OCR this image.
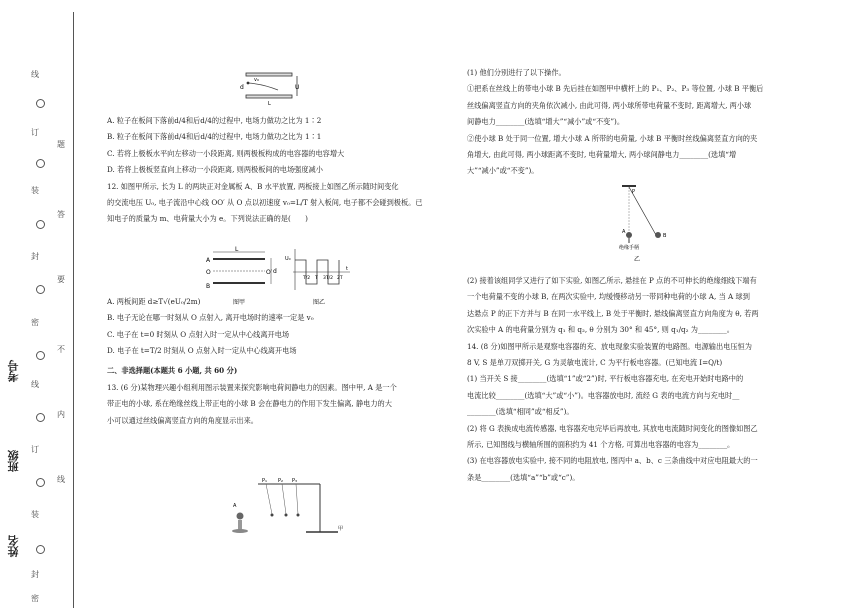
线
订
装
封
密
线
订
装
封
密
题
答
要
不
内
线
考号
班级
姓名
d	U
v₀
L

A. 粒子在板间下落前d/4和后d/4的过程中, 电场力做功之比为 1∶2

B. 粒子在板间下落前d/4和后d/4的过程中, 电场力做功之比为 1∶1

C. 若将上极板水平向左移动一小段距离, 则两极板构成的电容器的电容增大

D. 若将上极板竖直向上移动一小段距离, 则两极板间的电场强度减小

12. 如图甲所示, 长为 L 的两块正对金属板 A、B 水平放置, 两板接上如图乙所示随时间变化

的交流电压 U₀, 电子流沿中心线 OO′ 从 O 点以初速度 v₀=L/T 射入板间, 电子都不会碰到极板。已

知电子的质量为 m、电荷量大小为 e。下列说法正确的是(　　)

A. 两板间距 d≥T√(eU₀/2m)

B. 电子无论在哪一时刻从 O 点射入, 离开电场时的速率一定是 v₀

C. 电子在 t=0 时刻从 O 点射入时一定从中心线离开电场

D. 电子在 t=T/2 时刻从 O 点射入时一定从中心线离开电场

二、非选择题(本题共 6 小题, 共 60 分)

13. (6 分)某物理兴趣小组利用图示装置来探究影响电荷间静电力的因素。图中甲, A 是一个

带正电的小球, 系在绝缘丝线上带正电的小球 B 会在静电力的作用下发生偏离, 静电力的大

小可以通过丝线偏离竖直方向的角度显示出来。

L
A
B
O	O′ d
图甲
U₀
t
T/2 T 3T/2 2T
图乙
A
P₁ P₂ P₃
甲

(1) 他们分别进行了以下操作。

①把系在丝线上的带电小球 B 先后挂在如图甲中横杆上的 P₁、P₂、P₃ 等位置, 小球 B 平衡后

丝线偏离竖直方向的夹角依次减小, 由此可得, 两小球所带电荷量不变时, 距离增大, 两小球

间静电力________(选填“增大”“减小”或“不变”)。

②使小球 B 处于同一位置, 增大小球 A 所带的电荷量, 小球 B 平衡时丝线偏离竖直方向的夹

角增大, 由此可得, 两小球距离不变时, 电荷量增大, 两小球间静电力________(选填“增

大”“减小”或“不变”)。

P
A
B
绝缘手柄
乙

(2) 接着该组同学又进行了如下实验, 如图乙所示, 悬挂在 P 点的不可伸长的绝缘细线下端有

一个电荷量不变的小球 B, 在两次实验中, 均缓慢移动另一带同种电荷的小球 A, 当 A 球到

达悬点 P 的正下方并与 B 在同一水平线上, B 处于平衡时, 悬线偏离竖直方向角度为 θ, 若两

次实验中 A 的电荷量分别为 q₁ 和 q₂, θ 分别为 30° 和 45°, 则 q₁/q₂ 为________。

14. (8 分)如图甲所示是观察电容器的充、放电现象实验装置的电路图。电源输出电压恒为

8 V, S 是单刀双掷开关, G 为灵敏电流计, C 为平行板电容器。(已知电流 I=Q/t)

(1) 当开关 S 接________(选填“1”或“2”)时, 平行板电容器充电, 在充电开始时电路中的

电流比较________(选填“大”或“小”)。电容器放电时, 流经 G 表的电流方向与充电时__

________(选填“相同”或“相反”)。

(2) 将 G 表换成电流传感器, 电容器充电完毕后再放电, 其放电电流随时间变化的图像如图乙

所示, 已知图线与横轴所围的面积约为 41 个方格, 可算出电容器的电容为________。

(3) 在电容器放电实验中, 接不同的电阻放电, 图丙中 a、b、c 三条曲线中对应电阻最大的一

条是________(选填“a”“b”或“c”)。
